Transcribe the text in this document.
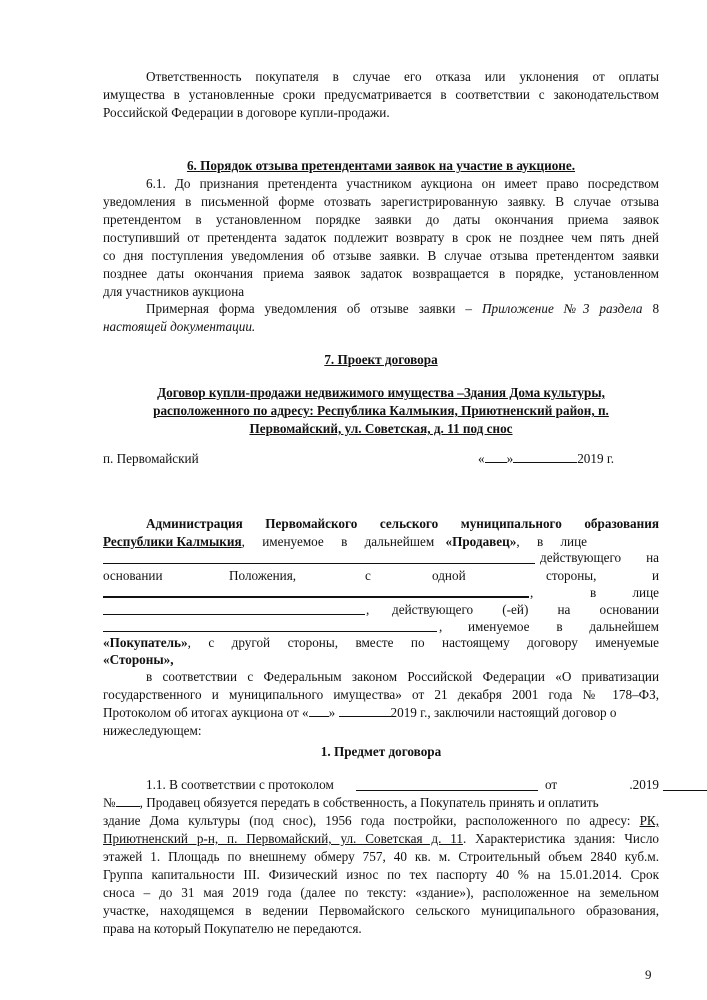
Ответственность покупателя в случае его отказа или уклонения от оплаты
имущества в установленные сроки предусматривается в соответствии с законодательством
Российской Федерации в договоре купли-продажи.
6. Порядок отзыва претендентами заявок на участие в аукционе.
6.1. До признания претендента участником аукциона он имеет право посредством
уведомления в письменной форме отозвать зарегистрированную заявку. В случае отзыва
претендентом в установленном порядке заявки до даты окончания приема заявок
поступивший от претендента задаток подлежит возврату в срок не позднее чем пять дней
со дня поступления уведомления об отзыве заявки. В случае отзыва претендентом заявки
позднее даты окончания приема заявок задаток возвращается в порядке, установленном
для участников аукциона
Примерная форма уведомления об отзыве заявки – Приложение №3 раздела 8
настоящей документации.
7. Проект договора
Договор купли-продажи недвижимого имущества –Здания Дома культуры,
расположенного по адресу: Республика Калмыкия, Приютненский район, п.
Первомайский, ул. Советская, д. 11 под снос
п. Первомайский	« »	2019 г.
Администрация Первомайского сельского муниципального образования
Республики Калмыкия, именуемое в дальнейшем «Продавец», в лице
действующего на
основании	Положения,	с	одной	стороны,	и
,	в лице
,	действующего (-ей) на основании
,	именуемое в дальнейшем
«Покупатель», с другой стороны, вместе по настоящему договору именуемые
«Стороны»,
в соответствии с Федеральным законом Российской Федерации «О приватизации
государственного и муниципального имущества» от 21 декабря 2001 года № 178–ФЗ,
Протоколом об итогах аукциона от « »	2019 г., заключили настоящий договор о
нижеследующем:
1. Предмет договора
1.1. В соответствии с протоколом	от	.2019
№ , Продавец обязуется передать в собственность, а Покупатель принять и оплатить
здание Дома культуры (под снос), 1956 года постройки, расположенного по адресу: РК,
Приютненский р-н, п. Первомайский, ул. Советская д. 11. Характеристика здания: Число
этажей 1. Площадь по внешнему обмеру 757, 40 кв. м. Строительный объем 2840 куб.м.
Группа капитальности III. Физический износ по тех паспорту 40 % на 15.01.2014. Срок
сноса – до 31 мая 2019 года (далее по тексту: «здание»), расположенное на земельном
участке, находящемся в ведении Первомайского сельского муниципального образования,
права на который Покупателю не передаются.
9
